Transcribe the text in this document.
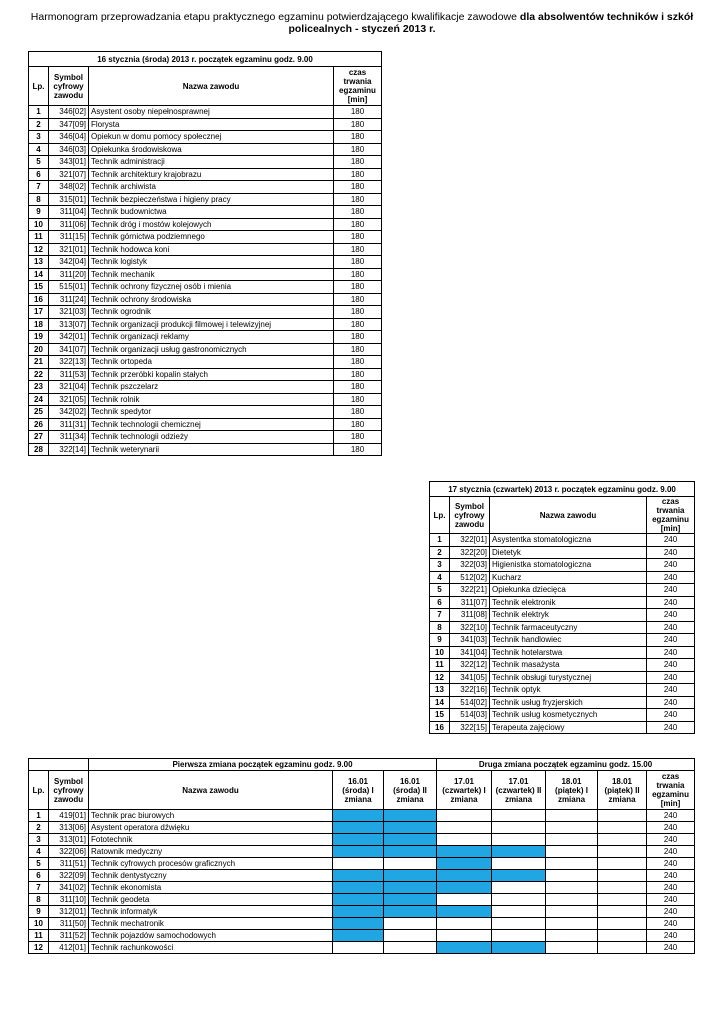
Harmonogram przeprowadzania etapu praktycznego egzaminu potwierdzającego kwalifikacje zawodowe dla absolwentów techników i szkół policealnych - styczeń 2013 r.
16 stycznia (środa) 2013 r. początek egzaminu godz. 9.00			
Lp.	Symbol cyfrowy zawodu	Nazwa zawodu	czas trwania egzaminu [min]
1	346[02]	Asystent osoby niepełnosprawnej	180
2	347[09]	Florysta	180
3	346[04]	Opiekun w domu pomocy społecznej	180
4	346[03]	Opiekunka środowiskowa	180
5	343[01]	Technik administracji	180
6	321[07]	Technik architektury krajobrazu	180
7	348[02]	Technik archiwista	180
8	315[01]	Technik bezpieczeństwa i higieny pracy	180
9	311[04]	Technik budownictwa	180
10	311[06]	Technik dróg i mostów kolejowych	180
11	311[15]	Technik górnictwa podziemnego	180
12	321[01]	Technik hodowca koni	180
13	342[04]	Technik logistyk	180
14	311[20]	Technik mechanik	180
15	515[01]	Technik ochrony fizycznej osób i mienia	180
16	311[24]	Technik ochrony środowiska	180
17	321[03]	Technik ogrodnik	180
18	313[07]	Technik organizacji produkcji filmowej i telewizyjnej	180
19	342[01]	Technik organizacji reklamy	180
20	341[07]	Technik organizacji usług gastronomicznych	180
21	322[13]	Technik ortopeda	180
22	311[53]	Technik przeróbki kopalin stałych	180
23	321[04]	Technik pszczelarz	180
24	321[05]	Technik rolnik	180
25	342[02]	Technik spedytor	180
26	311[31]	Technik technologii chemicznej	180
27	311[34]	Technik technologii odzieży	180
28	322[14]	Technik weterynarii	180
17 stycznia (czwartek) 2013 r. początek egzaminu godz. 9.00			
Lp.	Symbol cyfrowy zawodu	Nazwa zawodu	czas trwania egzaminu [min]
1	322[01]	Asystentka stomatologiczna	240
2	322[20]	Dietetyk	240
3	322[03]	Higienistka stomatologiczna	240
4	512[02]	Kucharz	240
5	322[21]	Opiekunka dziecięca	240
6	311[07]	Technik elektronik	240
7	311[08]	Technik elektryk	240
8	322[10]	Technik farmaceutyczny	240
9	341[03]	Technik handlowiec	240
10	341[04]	Technik hotelarstwa	240
11	322[12]	Technik masażysta	240
12	341[05]	Technik obsługi turystycznej	240
13	322[16]	Technik optyk	240
14	514[02]	Technik usług fryzjerskich	240
15	514[03]	Technik usług kosmetycznych	240
16	322[15]	Terapeuta zajęciowy	240
		Pierwsza zmiana początek egzaminu godz. 9.00			Druga zmiana początek egzaminu godz. 15.00				
Lp.	Symbol cyfrowy zawodu	Nazwa zawodu	16.01 (środa) I zmiana	16.01 (środa) II zmiana	17.01 (czwartek) I zmiana	17.01 (czwartek) II zmiana	18.01 (piątek) I zmiana	18.01 (piątek) II zmiana	czas trwania egzaminu [min]
1	419[01]	Technik prac biurowych							240
2	313[06]	Asystent operatora dźwięku							240
3	313[01]	Fototechnik							240
4	322[06]	Ratownik medyczny							240
5	311[51]	Technik cyfrowych procesów graficznych							240
6	322[09]	Technik dentystyczny							240
7	341[02]	Technik ekonomista							240
8	311[10]	Technik geodeta							240
9	312[01]	Technik informatyk							240
10	311[50]	Technik mechatronik							240
11	311[52]	Technik pojazdów samochodowych							240
12	412[01]	Technik rachunkowości							240
